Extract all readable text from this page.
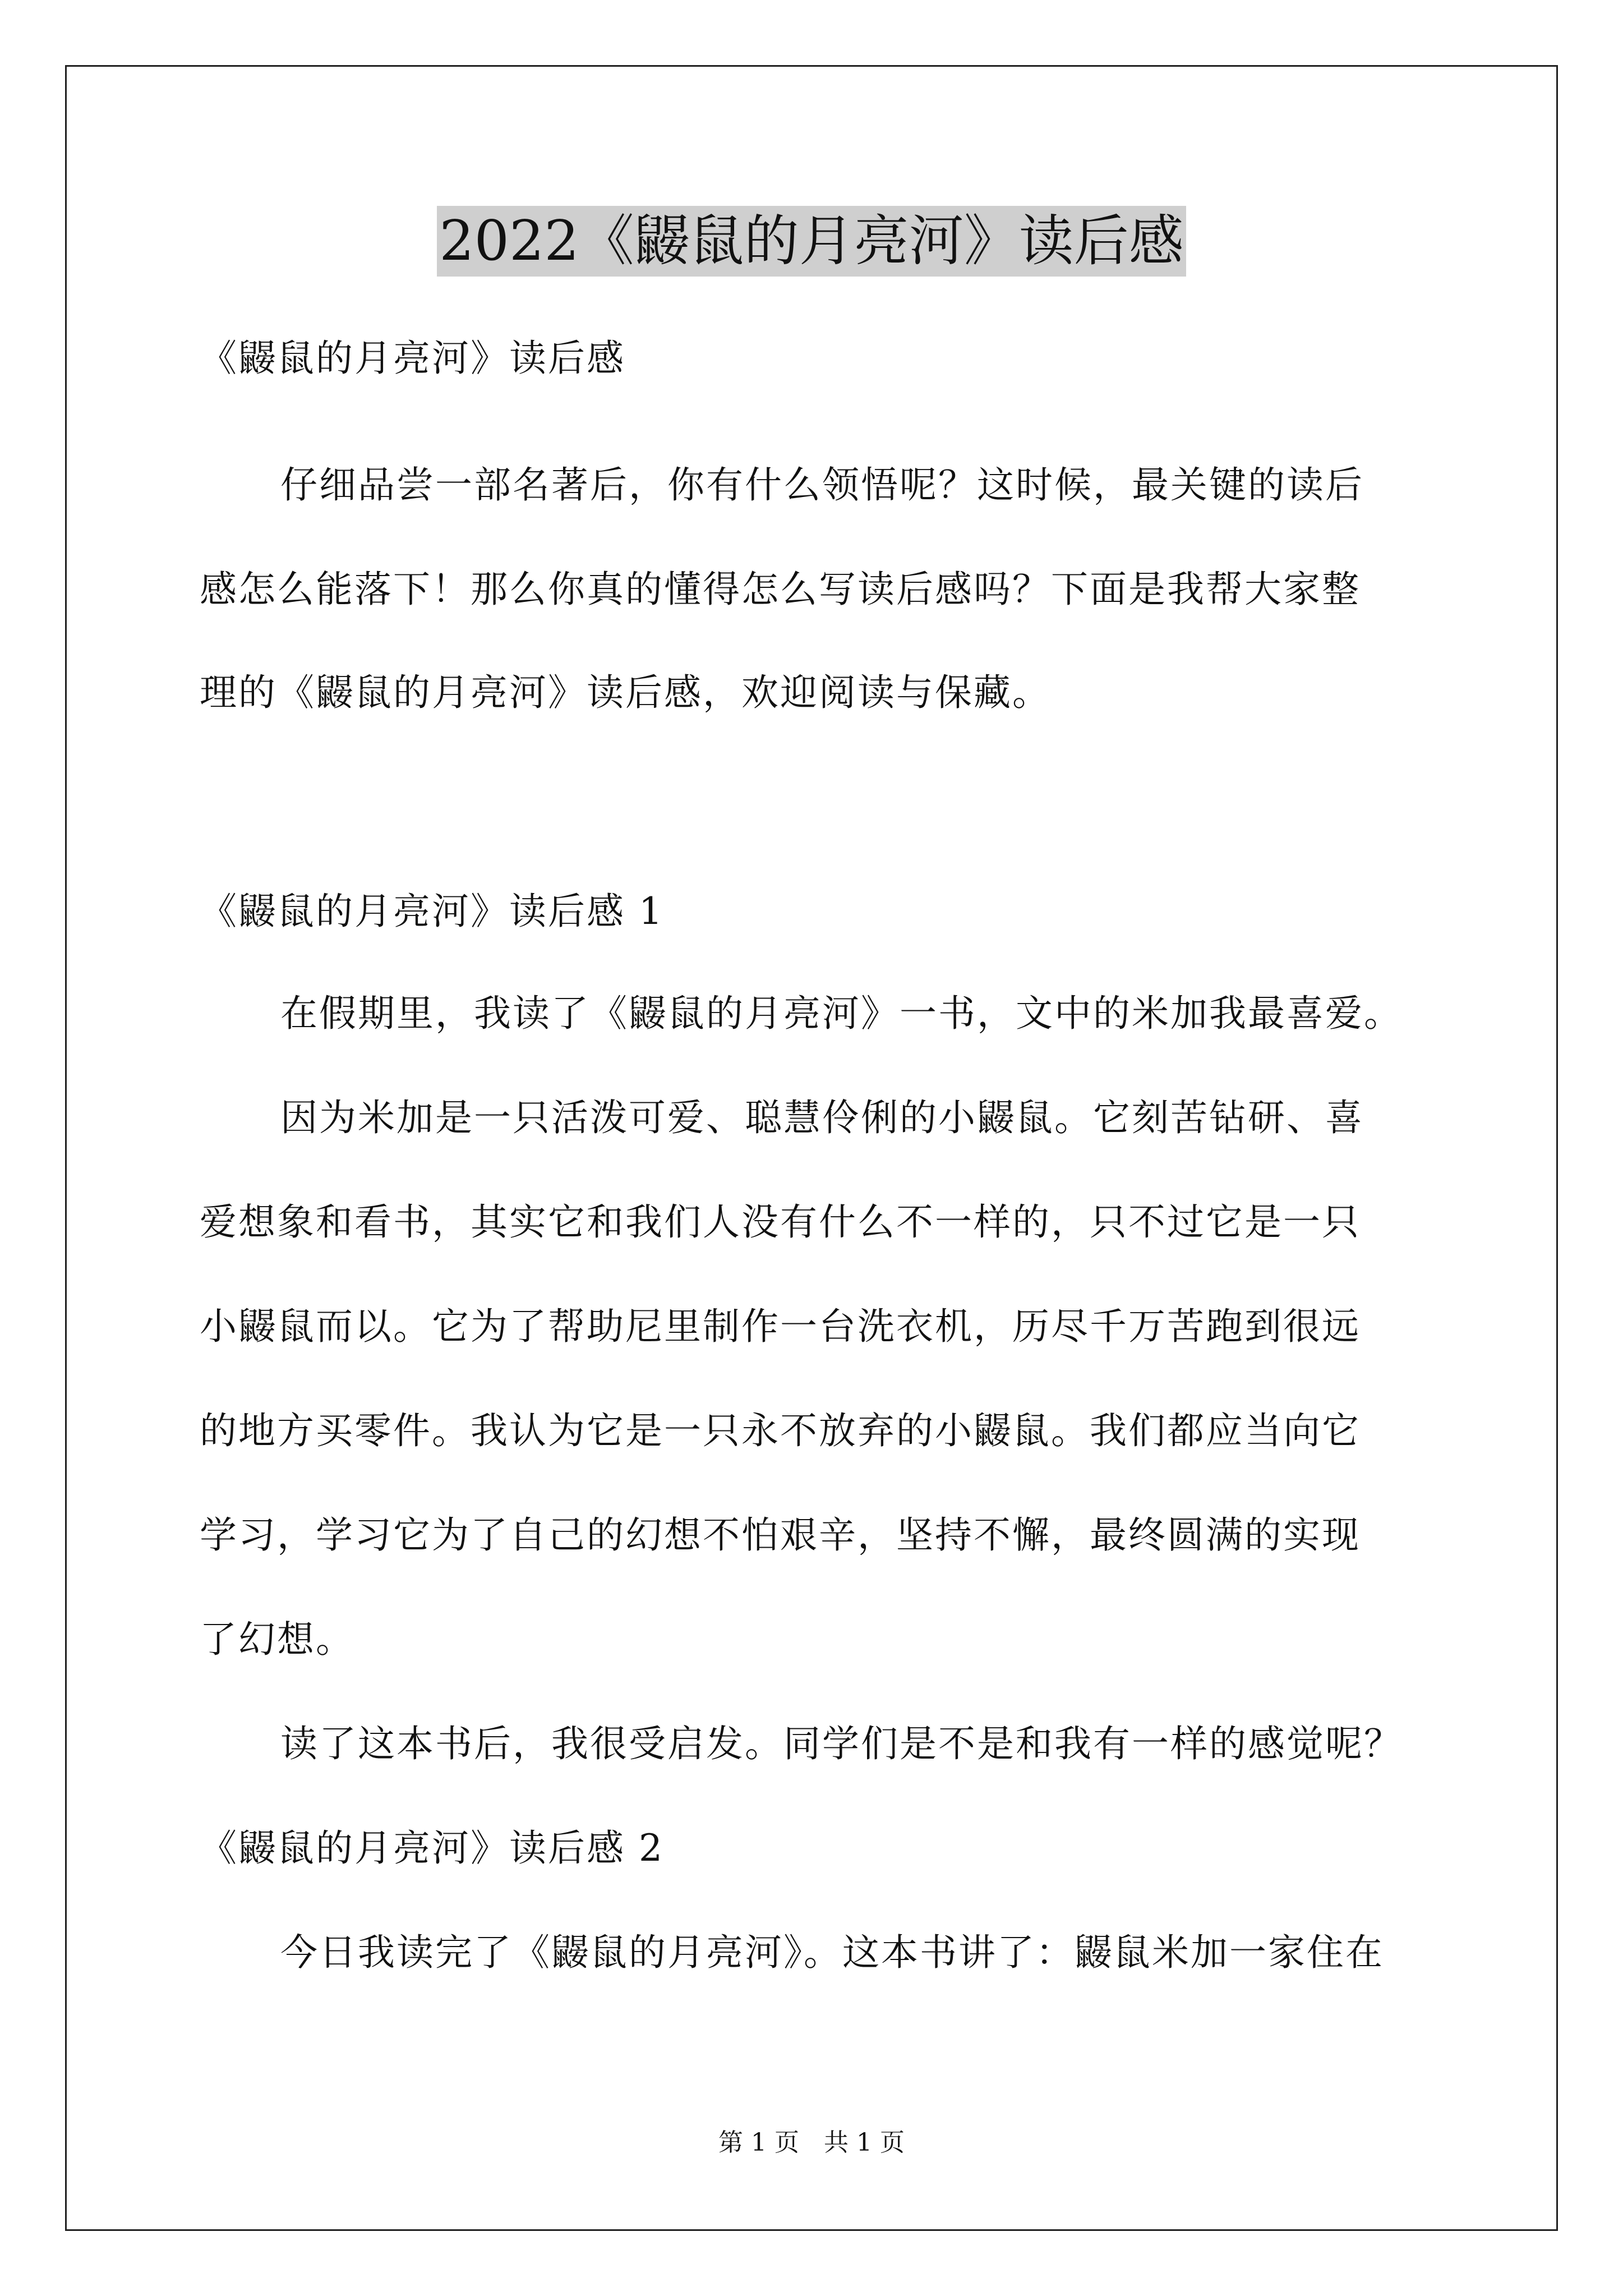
2022《鼹鼠的月亮河》读后感
《鼹鼠的月亮河》读后感
仔细品尝一部名著后，你有什么领悟呢？这时候，最关键的读后
感怎么能落下！那么你真的懂得怎么写读后感吗？下面是我帮大家整
理的《鼹鼠的月亮河》读后感，欢迎阅读与保藏。
《鼹鼠的月亮河》读后感 1
在假期里，我读了《鼹鼠的月亮河》一书，文中的米加我最喜爱。
因为米加是一只活泼可爱、聪慧伶俐的小鼹鼠。它刻苦钻研、喜
爱想象和看书，其实它和我们人没有什么不一样的，只不过它是一只
小鼹鼠而以。它为了帮助尼里制作一台洗衣机，历尽千万苦跑到很远
的地方买零件。我认为它是一只永不放弃的小鼹鼠。我们都应当向它
学习，学习它为了自己的幻想不怕艰辛，坚持不懈，最终圆满的实现
了幻想。
读了这本书后，我很受启发。同学们是不是和我有一样的感觉呢？
《鼹鼠的月亮河》读后感 2
今日我读完了《鼹鼠的月亮河》。这本书讲了：鼹鼠米加一家住在
第 1 页　共 1 页
